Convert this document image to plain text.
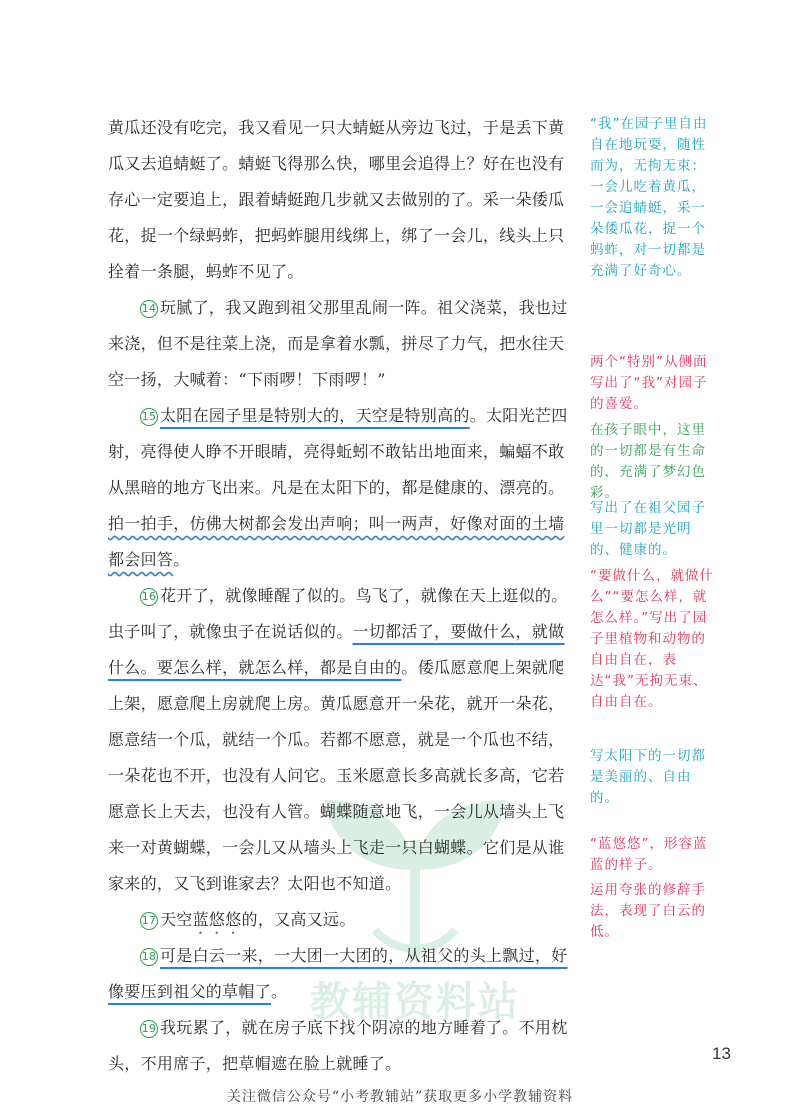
教辅资料站

黄瓜还没有吃完，我又看见一只大蜻蜓从旁边飞过，于是丢下黄瓜又去追蜻蜓了。蜻蜓飞得那么快，哪里会追得上？好在也没有存心一定要追上，跟着蜻蜓跑几步就又去做别的了。采一朵倭瓜花，捉一个绿蚂蚱，把蚂蚱腿用线绑上，绑了一会儿，线头上只拴着一条腿，蚂蚱不见了。

14 玩腻了，我又跑到祖父那里乱闹一阵。祖父浇菜，我也过来浇，但不是往菜上浇，而是拿着水瓢，拼尽了力气，把水往天空一扬，大喊着：“下雨啰！下雨啰！”

15 太阳在园子里是特别大的，天空是特别高的。太阳光芒四射，亮得使人睁不开眼睛，亮得蚯蚓不敢钻出地面来，蝙蝠不敢从黑暗的地方飞出来。凡是在太阳下的，都是健康的、漂亮的。拍一拍手，仿佛大树都会发出声响；叫一两声，好像对面的土墙都会回答。

16 花开了，就像睡醒了似的。鸟飞了，就像在天上逛似的。虫子叫了，就像虫子在说话似的。一切都活了，要做什么，就做什么。要怎么样，就怎么样，都是自由的。倭瓜愿意爬上架就爬上架，愿意爬上房就爬上房。黄瓜愿意开一朵花，就开一朵花，愿意结一个瓜，就结一个瓜。若都不愿意，就是一个瓜也不结，一朵花也不开，也没有人问它。玉米愿意长多高就长多高，它若愿意长上天去，也没有人管。蝴蝶随意地飞，一会儿从墙头上飞来一对黄蝴蝶，一会儿又从墙头上飞走一只白蝴蝶。它们是从谁家来的，又飞到谁家去？太阳也不知道。

17 天空蓝悠悠的，又高又远。

18 可是白云一来，一大团一大团的，从祖父的头上飘过，好像要压到祖父的草帽了。

19 我玩累了，就在房子底下找个阴凉的地方睡着了。不用枕头，不用席子，把草帽遮在脸上就睡了。

“我”在园子里自由自在地玩耍，随性而为，无拘无束：一会儿吃着黄瓜，一会追蜻蜓，采一朵倭瓜花，捉一个蚂蚱，对一切都是充满了好奇心。
两个“特别”从侧面写出了“我”对园子的喜爱。
在孩子眼中，这里的一切都是有生命的，充满了梦幻色彩。
写出了在祖父园子里一切都是光明的、健康的。
“要做什么，就做什么”“要怎么样，就怎么样。”写出了园子里植物和动物的自由自在，表达“我”无拘无束、自由自在。
写太阳下的一切都是美丽的、自由的。
“蓝悠悠”，形容蓝蓝的样子。
运用夸张的修辞手法，表现了白云的低。
13
关注微信公众号“小考教辅站”获取更多小学教辅资料
